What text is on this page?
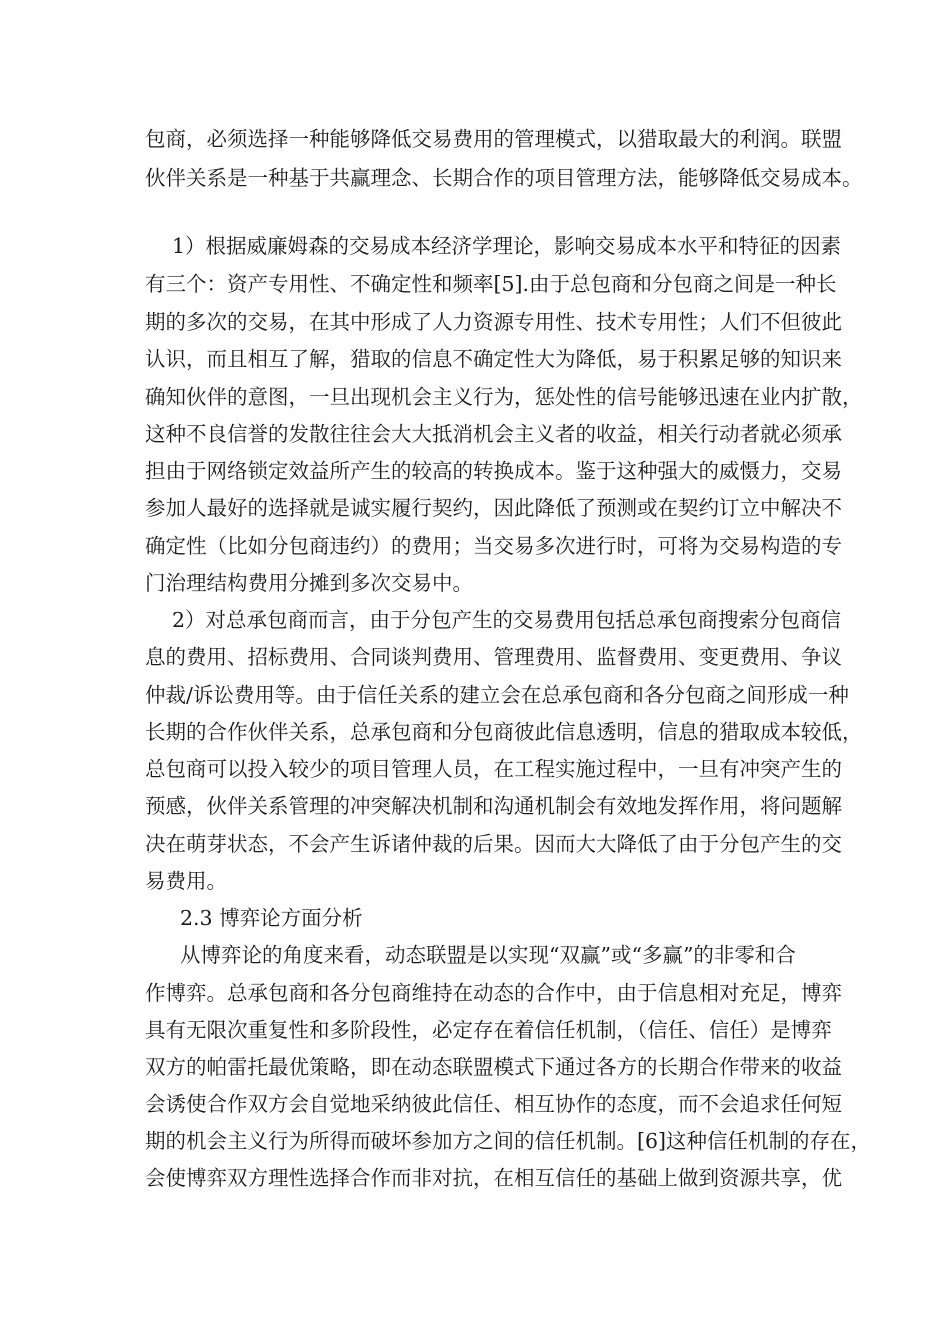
包商，必须选择一种能够降低交易费用的管理模式，以猎取最大的利润。联盟
伙伴关系是一种基于共赢理念、长期合作的项目管理方法，能够降低交易成本。
1）根据威廉姆森的交易成本经济学理论，影响交易成本水平和特征的因素
有三个：资产专用性、不确定性和频率[5].由于总包商和分包商之间是一种长
期的多次的交易，在其中形成了人力资源专用性、技术专用性；人们不但彼此
认识，而且相互了解，猎取的信息不确定性大为降低，易于积累足够的知识来
确知伙伴的意图，一旦出现机会主义行为，惩处性的信号能够迅速在业内扩散，
这种不良信誉的发散往往会大大抵消机会主义者的收益，相关行动者就必须承
担由于网络锁定效益所产生的较高的转换成本。鉴于这种强大的威慑力，交易
参加人最好的选择就是诚实履行契约，因此降低了预测或在契约订立中解决不
确定性（比如分包商违约）的费用；当交易多次进行时，可将为交易构造的专
门治理结构费用分摊到多次交易中。
2）对总承包商而言，由于分包产生的交易费用包括总承包商搜索分包商信
息的费用、招标费用、合同谈判费用、管理费用、监督费用、变更费用、争议
仲裁/诉讼费用等。由于信任关系的建立会在总承包商和各分包商之间形成一种
长期的合作伙伴关系，总承包商和分包商彼此信息透明，信息的猎取成本较低，
总包商可以投入较少的项目管理人员，在工程实施过程中，一旦有冲突产生的
预感，伙伴关系管理的冲突解决机制和沟通机制会有效地发挥作用，将问题解
决在萌芽状态，不会产生诉诸仲裁的后果。因而大大降低了由于分包产生的交
易费用。
2.3 博弈论方面分析
从博弈论的角度来看，动态联盟是以实现“双赢”或“多赢”的非零和合
作博弈。总承包商和各分包商维持在动态的合作中，由于信息相对充足，博弈
具有无限次重复性和多阶段性，必定存在着信任机制，（信任、信任）是博弈
双方的帕雷托最优策略，即在动态联盟模式下通过各方的长期合作带来的收益
会诱使合作双方会自觉地采纳彼此信任、相互协作的态度，而不会追求任何短
期的机会主义行为所得而破坏参加方之间的信任机制。[6]这种信任机制的存在，
会使博弈双方理性选择合作而非对抗，在相互信任的基础上做到资源共享，优
